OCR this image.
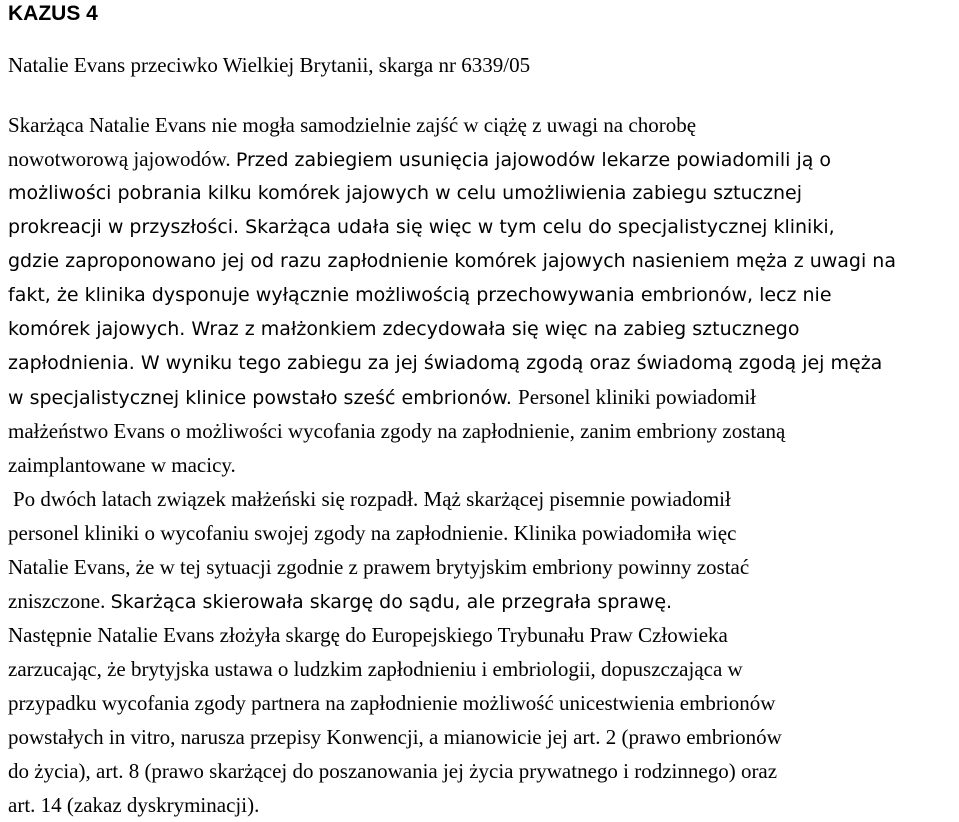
KAZUS 4

Natalie Evans przeciwko Wielkiej Brytanii, skarga nr 6339/05

Skarżąca Natalie Evans nie mogła samodzielnie zajść w ciążę z uwagi na chorobę
nowotworową jajowodów. Przed zabiegiem usunięcia jajowodów lekarze powiadomili ją o
możliwości pobrania kilku komórek jajowych w celu umożliwienia zabiegu sztucznej
prokreacji w przyszłości. Skarżąca udała się więc w tym celu do specjalistycznej kliniki,
gdzie zaproponowano jej od razu zapłodnienie komórek jajowych nasieniem męża z uwagi na
fakt, że klinika dysponuje wyłącznie możliwością przechowywania embrionów, lecz nie
komórek jajowych. Wraz z małżonkiem zdecydowała się więc na zabieg sztucznego
zapłodnienia. W wyniku tego zabiegu za jej świadomą zgodą oraz świadomą zgodą jej męża
w specjalistycznej klinice powstało sześć embrionów. Personel kliniki powiadomił
małżeństwo Evans o możliwości wycofania zgody na zapłodnienie, zanim embriony zostaną
zaimplantowane w macicy.
Po dwóch latach związek małżeński się rozpadł. Mąż skarżącej pisemnie powiadomił
personel kliniki o wycofaniu swojej zgody na zapłodnienie. Klinika powiadomiła więc
Natalie Evans, że w tej sytuacji zgodnie z prawem brytyjskim embriony powinny zostać
zniszczone. Skarżąca skierowała skargę do sądu, ale przegrała sprawę.
Następnie Natalie Evans złożyła skargę do Europejskiego Trybunału Praw Człowieka
zarzucając, że brytyjska ustawa o ludzkim zapłodnieniu i embriologii, dopuszczająca w
przypadku wycofania zgody partnera na zapłodnienie możliwość unicestwienia embrionów
powstałych in vitro, narusza przepisy Konwencji, a mianowicie jej art. 2 (prawo embrionów
do życia), art. 8 (prawo skarżącej do poszanowania jej życia prywatnego i rodzinnego) oraz
art. 14 (zakaz dyskryminacji).
